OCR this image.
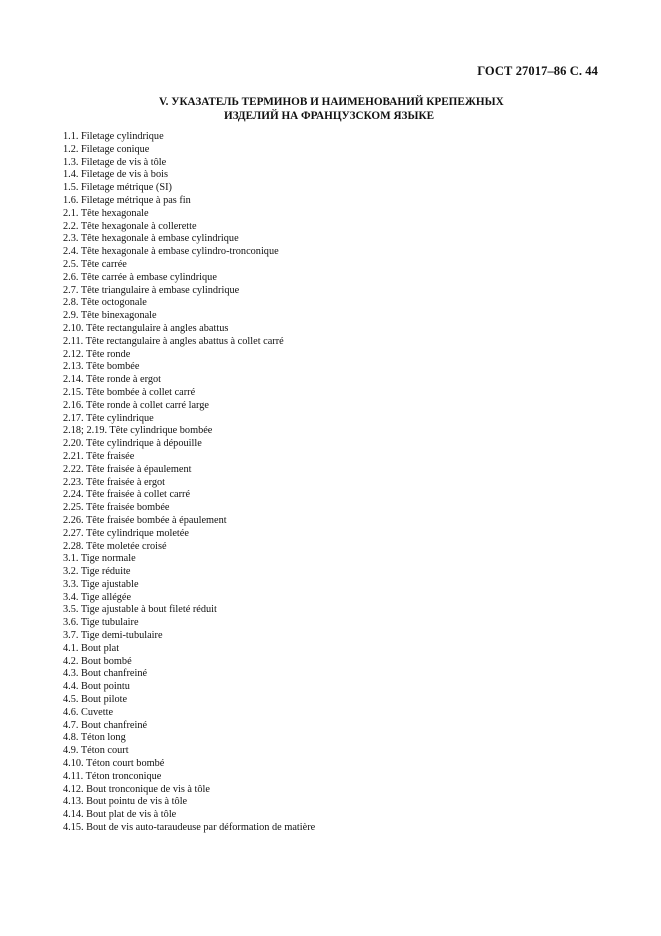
ГОСТ 27017–86 С. 44
V. УКАЗАТЕЛЬ ТЕРМИНОВ И НАИМЕНОВАНИЙ КРЕПЕЖНЫХ
ИЗДЕЛИЙ НА ФРАНЦУЗСКОМ ЯЗЫКЕ
1.1. Filetage cylindrique
1.2. Filetage conique
1.3. Filetage de vis à tôle
1.4. Filetage de vis à bois
1.5. Filetage métrique (SI)
1.6. Filetage métrique à pas fin
2.1. Tête hexagonale
2.2. Tête hexagonale à collerette
2.3. Tête hexagonale à embase cylindrique
2.4. Tête hexagonale à embase cylindro-tronconique
2.5. Tête carrée
2.6. Tête carrée à embase cylindrique
2.7. Tête triangulaire à embase cylindrique
2.8. Tête octogonale
2.9. Tête binexagonale
2.10. Tête rectangulaire à angles abattus
2.11. Tête rectangulaire à angles abattus à collet carré
2.12. Tête ronde
2.13. Tête bombée
2.14. Tête ronde à ergot
2.15. Tête bombée à collet carré
2.16. Tête ronde à collet carré large
2.17. Tête cylindrique
2.18; 2.19. Tête cylindrique bombée
2.20. Tête cylindrique à dépouille
2.21. Tête fraisée
2.22. Tête fraisée à épaulement
2.23. Tête fraisée à ergot
2.24. Tête fraisée à collet carré
2.25. Tête fraisée bombée
2.26. Tête fraisée bombée à épaulement
2.27. Tête cylindrique moletée
2.28. Tête moletée croisé
3.1. Tige normale
3.2. Tige réduite
3.3. Tige ajustable
3.4. Tige allégée
3.5. Tige ajustable à bout fileté réduit
3.6. Tige tubulaire
3.7. Tige demi-tubulaire
4.1. Bout plat
4.2. Bout bombé
4.3. Bout chanfreiné
4.4. Bout pointu
4.5. Bout pilote
4.6. Cuvette
4.7. Bout chanfreiné
4.8. Téton long
4.9. Téton court
4.10. Téton court bombé
4.11. Téton tronconique
4.12. Bout tronconique de vis à tôle
4.13. Bout pointu de vis à tôle
4.14. Bout plat de vis à tôle
4.15. Bout de vis auto-taraudeuse par déformation de matière
